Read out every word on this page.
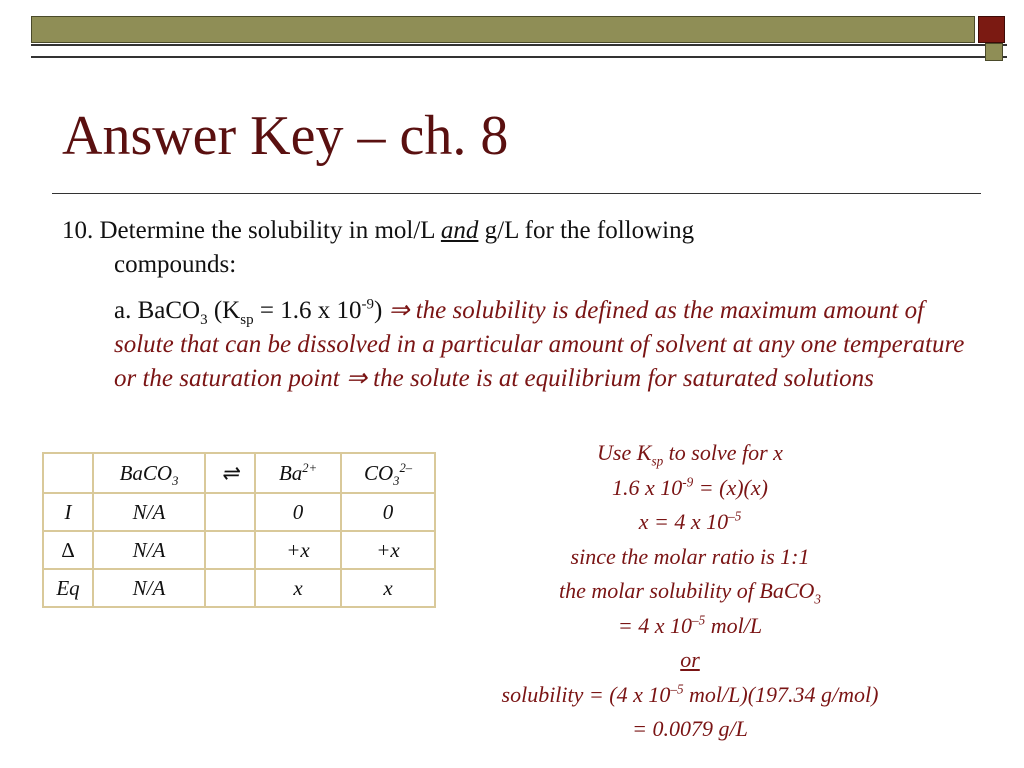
Answer Key – ch. 8
10. Determine the solubility in mol/L and g/L for the following
compounds:
a. BaCO$_3$ ($K_{sp} = 1.6$ x $10^{-9}$) ⇒ the solubility is defined as the maximum amount of solute that can be dissolved in a particular amount of solvent at any one temperature or the saturation point ⇒ the solute is at equilibrium for saturated solutions
	BaCO$_3$	⇌	$Ba^{2+}$	$CO_3^{2-}$
I	N/A		0	0
∆	N/A		+x	+x
Eq	N/A		x	x
Use $K_{sp}$ to solve for x
1.6 x $10^{-9} = (x)(x)$
x = 4 x $10^{-5}$
since the molar ratio is 1:1
the molar solubility of BaCO$_3$
= 4 x $10^{-5}$ mol/L
or
solubility = (4 x $10^{-5}$ mol/L)(197.34 g/mol)
= 0.0079 g/L
